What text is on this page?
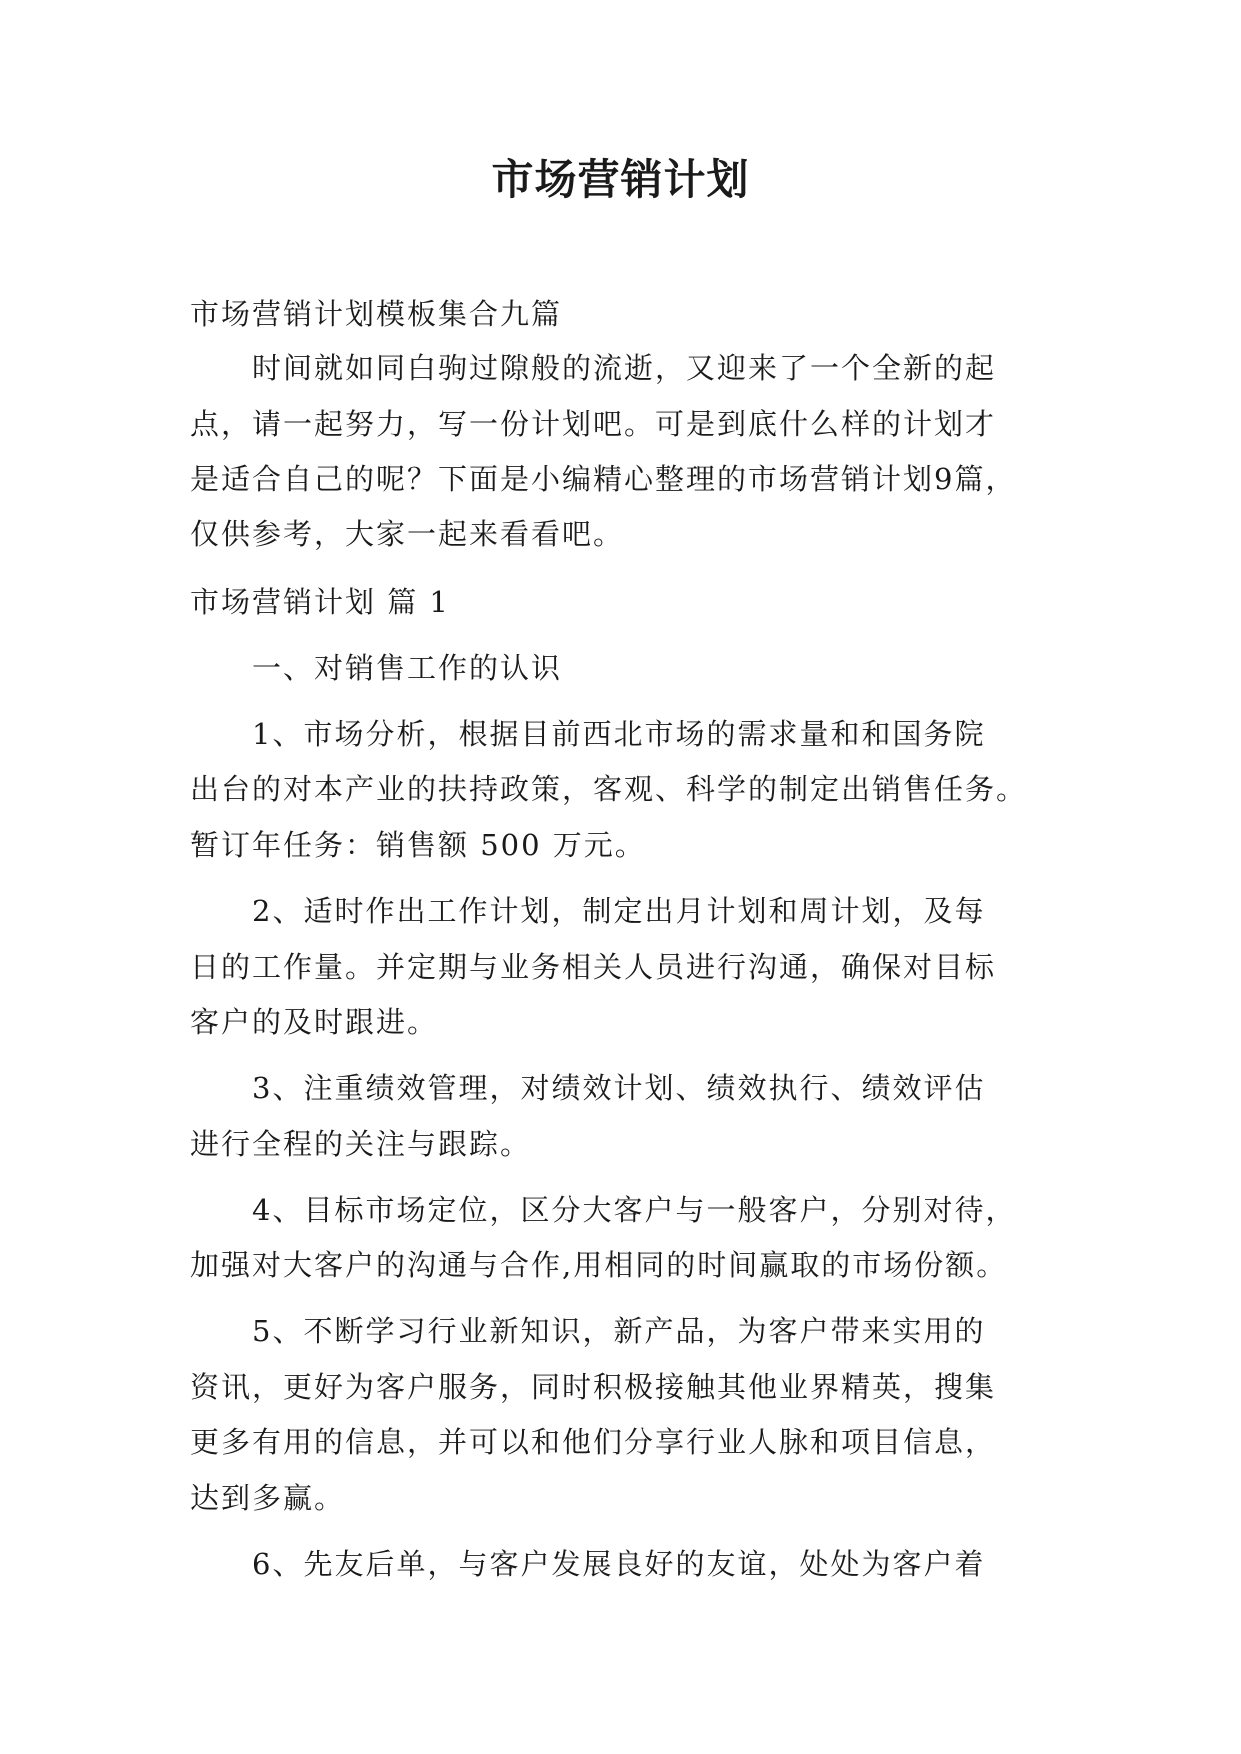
市场营销计划

市场营销计划模板集合九篇

时间就如同白驹过隙般的流逝，又迎来了一个全新的起

点，请一起努力，写一份计划吧。可是到底什么样的计划才

是适合自己的呢？下面是小编精心整理的市场营销计划9篇，

仅供参考，大家一起来看看吧。

市场营销计划 篇 1

一、对销售工作的认识

1、市场分析，根据目前西北市场的需求量和和国务院

出台的对本产业的扶持政策，客观、科学的制定出销售任务。

暂订年任务：销售额 500 万元。

2、适时作出工作计划，制定出月计划和周计划，及每

日的工作量。并定期与业务相关人员进行沟通，确保对目标

客户的及时跟进。

3、注重绩效管理，对绩效计划、绩效执行、绩效评估

进行全程的关注与跟踪。

4、目标市场定位，区分大客户与一般客户，分别对待，

加强对大客户的沟通与合作,用相同的时间赢取的市场份额。

5、不断学习行业新知识，新产品，为客户带来实用的

资讯，更好为客户服务，同时积极接触其他业界精英，搜集

更多有用的信息，并可以和他们分享行业人脉和项目信息，

达到多赢。

6、先友后单，与客户发展良好的友谊，处处为客户着
